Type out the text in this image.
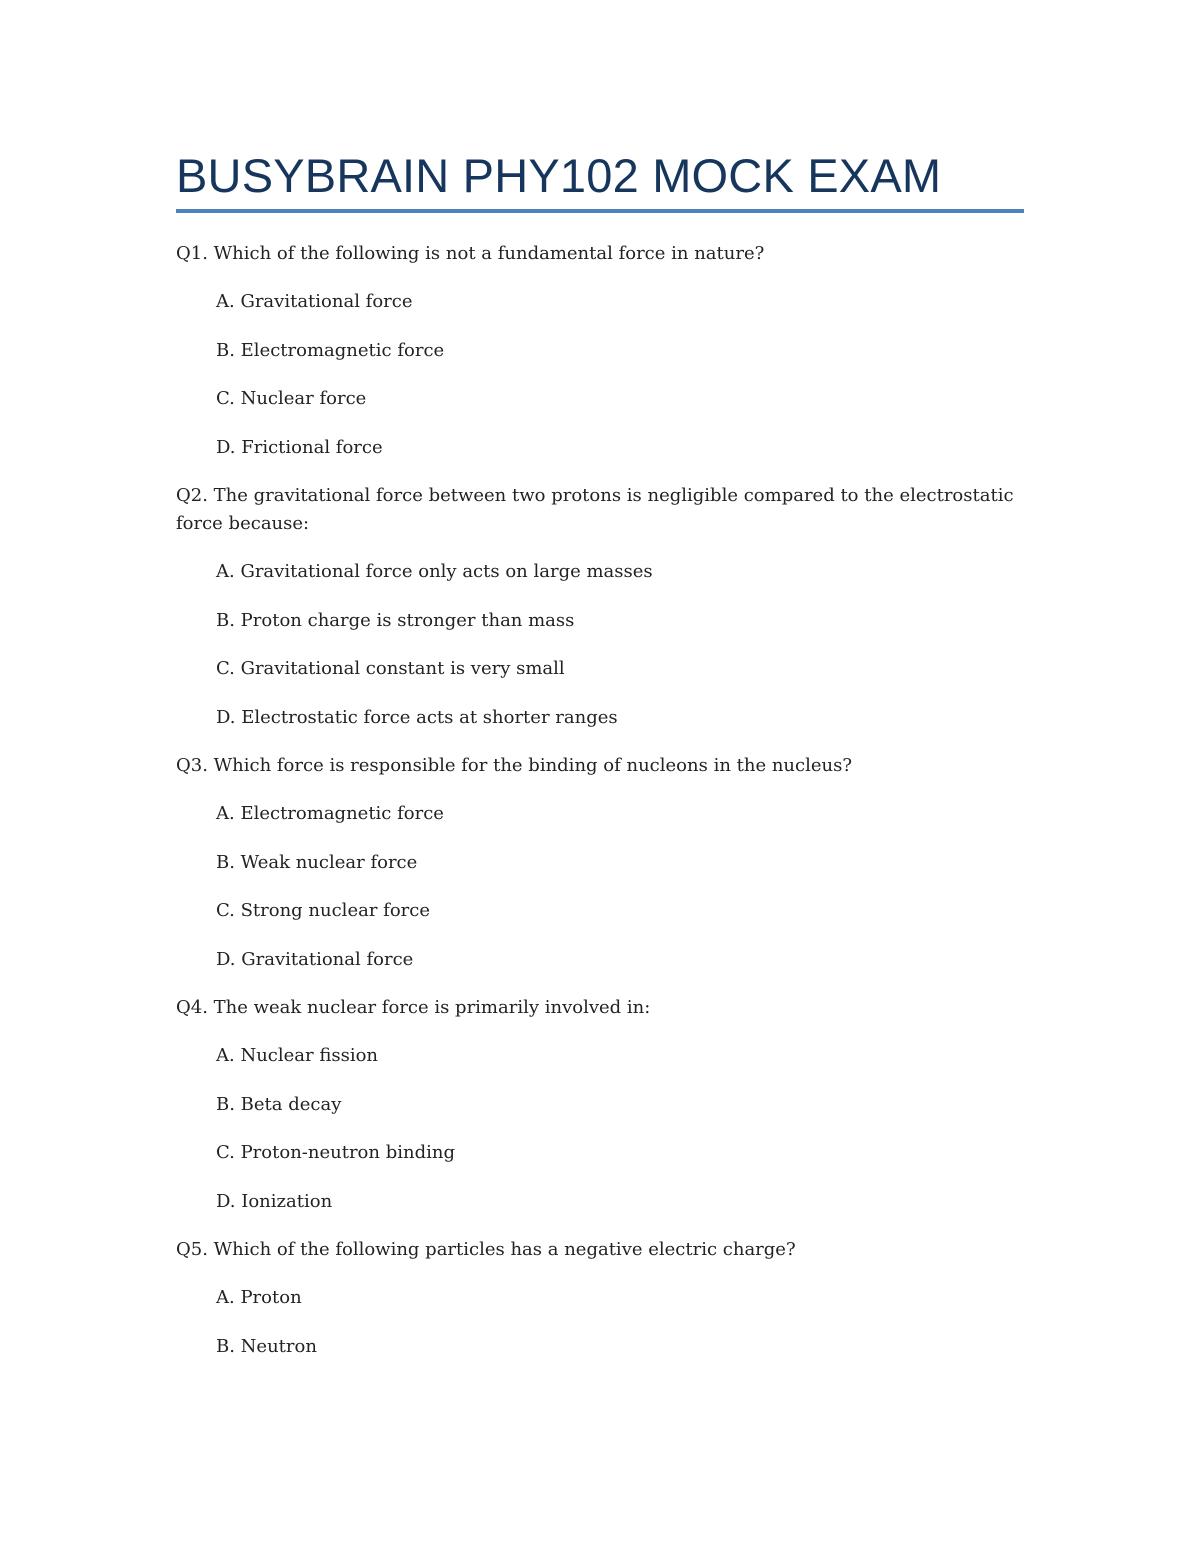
BUSYBRAIN PHY102 MOCK EXAM

Q1. Which of the following is not a fundamental force in nature?

A. Gravitational force

B. Electromagnetic force

C. Nuclear force

D. Frictional force

Q2. The gravitational force between two protons is negligible compared to the electrostatic force because:

A. Gravitational force only acts on large masses

B. Proton charge is stronger than mass

C. Gravitational constant is very small

D. Electrostatic force acts at shorter ranges

Q3. Which force is responsible for the binding of nucleons in the nucleus?

A. Electromagnetic force

B. Weak nuclear force

C. Strong nuclear force

D. Gravitational force

Q4. The weak nuclear force is primarily involved in:

A. Nuclear fission

B. Beta decay

C. Proton-neutron binding

D. Ionization

Q5. Which of the following particles has a negative electric charge?

A. Proton

B. Neutron
